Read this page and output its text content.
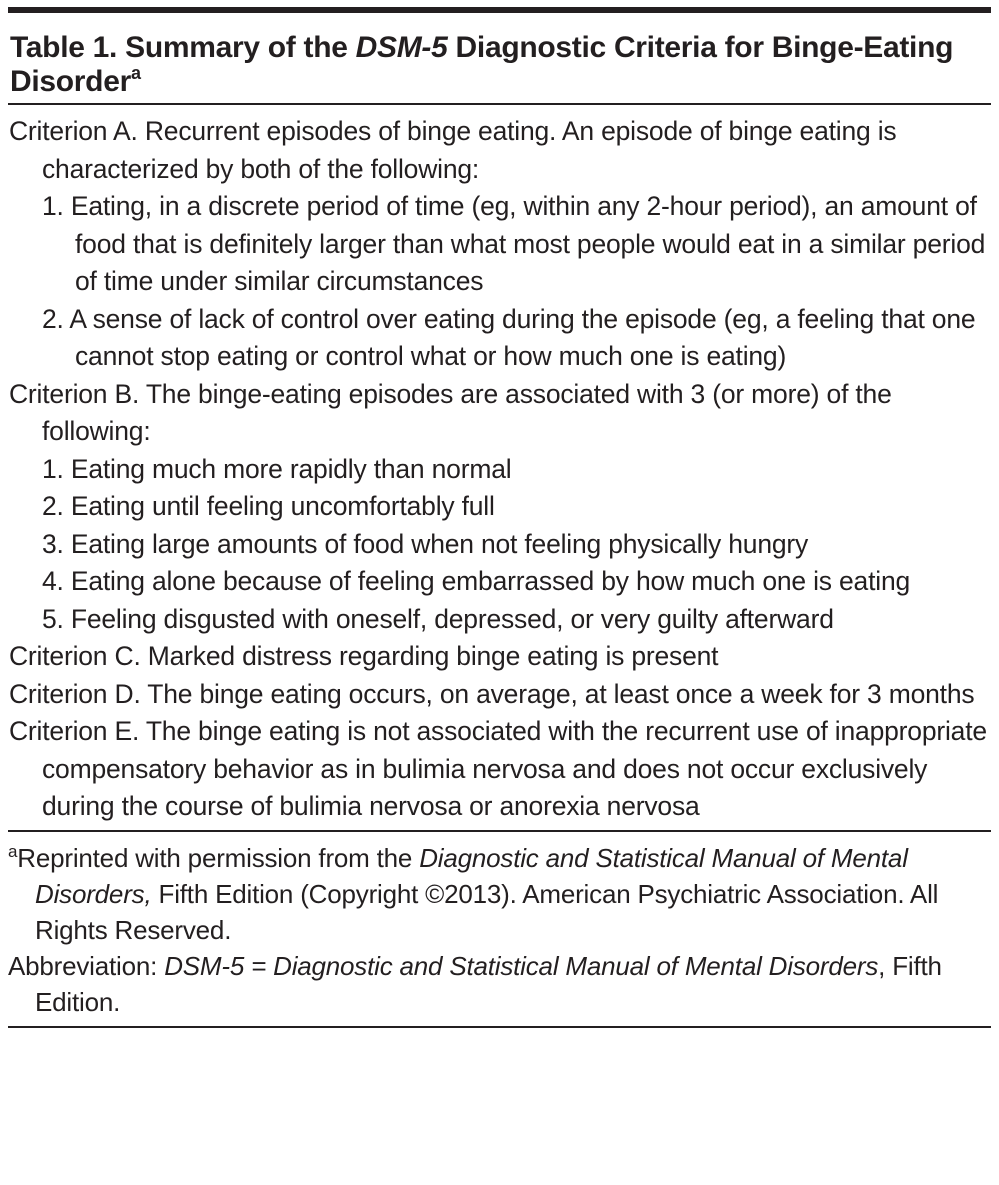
Table 1. Summary of the DSM-5 Diagnostic Criteria for Binge-Eating Disorder$^a$
Criterion A. Recurrent episodes of binge eating. An episode of binge eating is characterized by both of the following:
1. Eating, in a discrete period of time (eg, within any 2-hour period), an amount of food that is definitely larger than what most people would eat in a similar period of time under similar circumstances
2. A sense of lack of control over eating during the episode (eg, a feeling that one cannot stop eating or control what or how much one is eating)
Criterion B. The binge-eating episodes are associated with 3 (or more) of the following:
1. Eating much more rapidly than normal
2. Eating until feeling uncomfortably full
3. Eating large amounts of food when not feeling physically hungry
4. Eating alone because of feeling embarrassed by how much one is eating
5. Feeling disgusted with oneself, depressed, or very guilty afterward
Criterion C. Marked distress regarding binge eating is present
Criterion D. The binge eating occurs, on average, at least once a week for 3 months
Criterion E. The binge eating is not associated with the recurrent use of inappropriate compensatory behavior as in bulimia nervosa and does not occur exclusively during the course of bulimia nervosa or anorexia nervosa
$^a$Reprinted with permission from the Diagnostic and Statistical Manual of Mental Disorders, Fifth Edition (Copyright ©2013). American Psychiatric Association. All Rights Reserved.
Abbreviation: DSM-5 = Diagnostic and Statistical Manual of Mental Disorders, Fifth Edition.
